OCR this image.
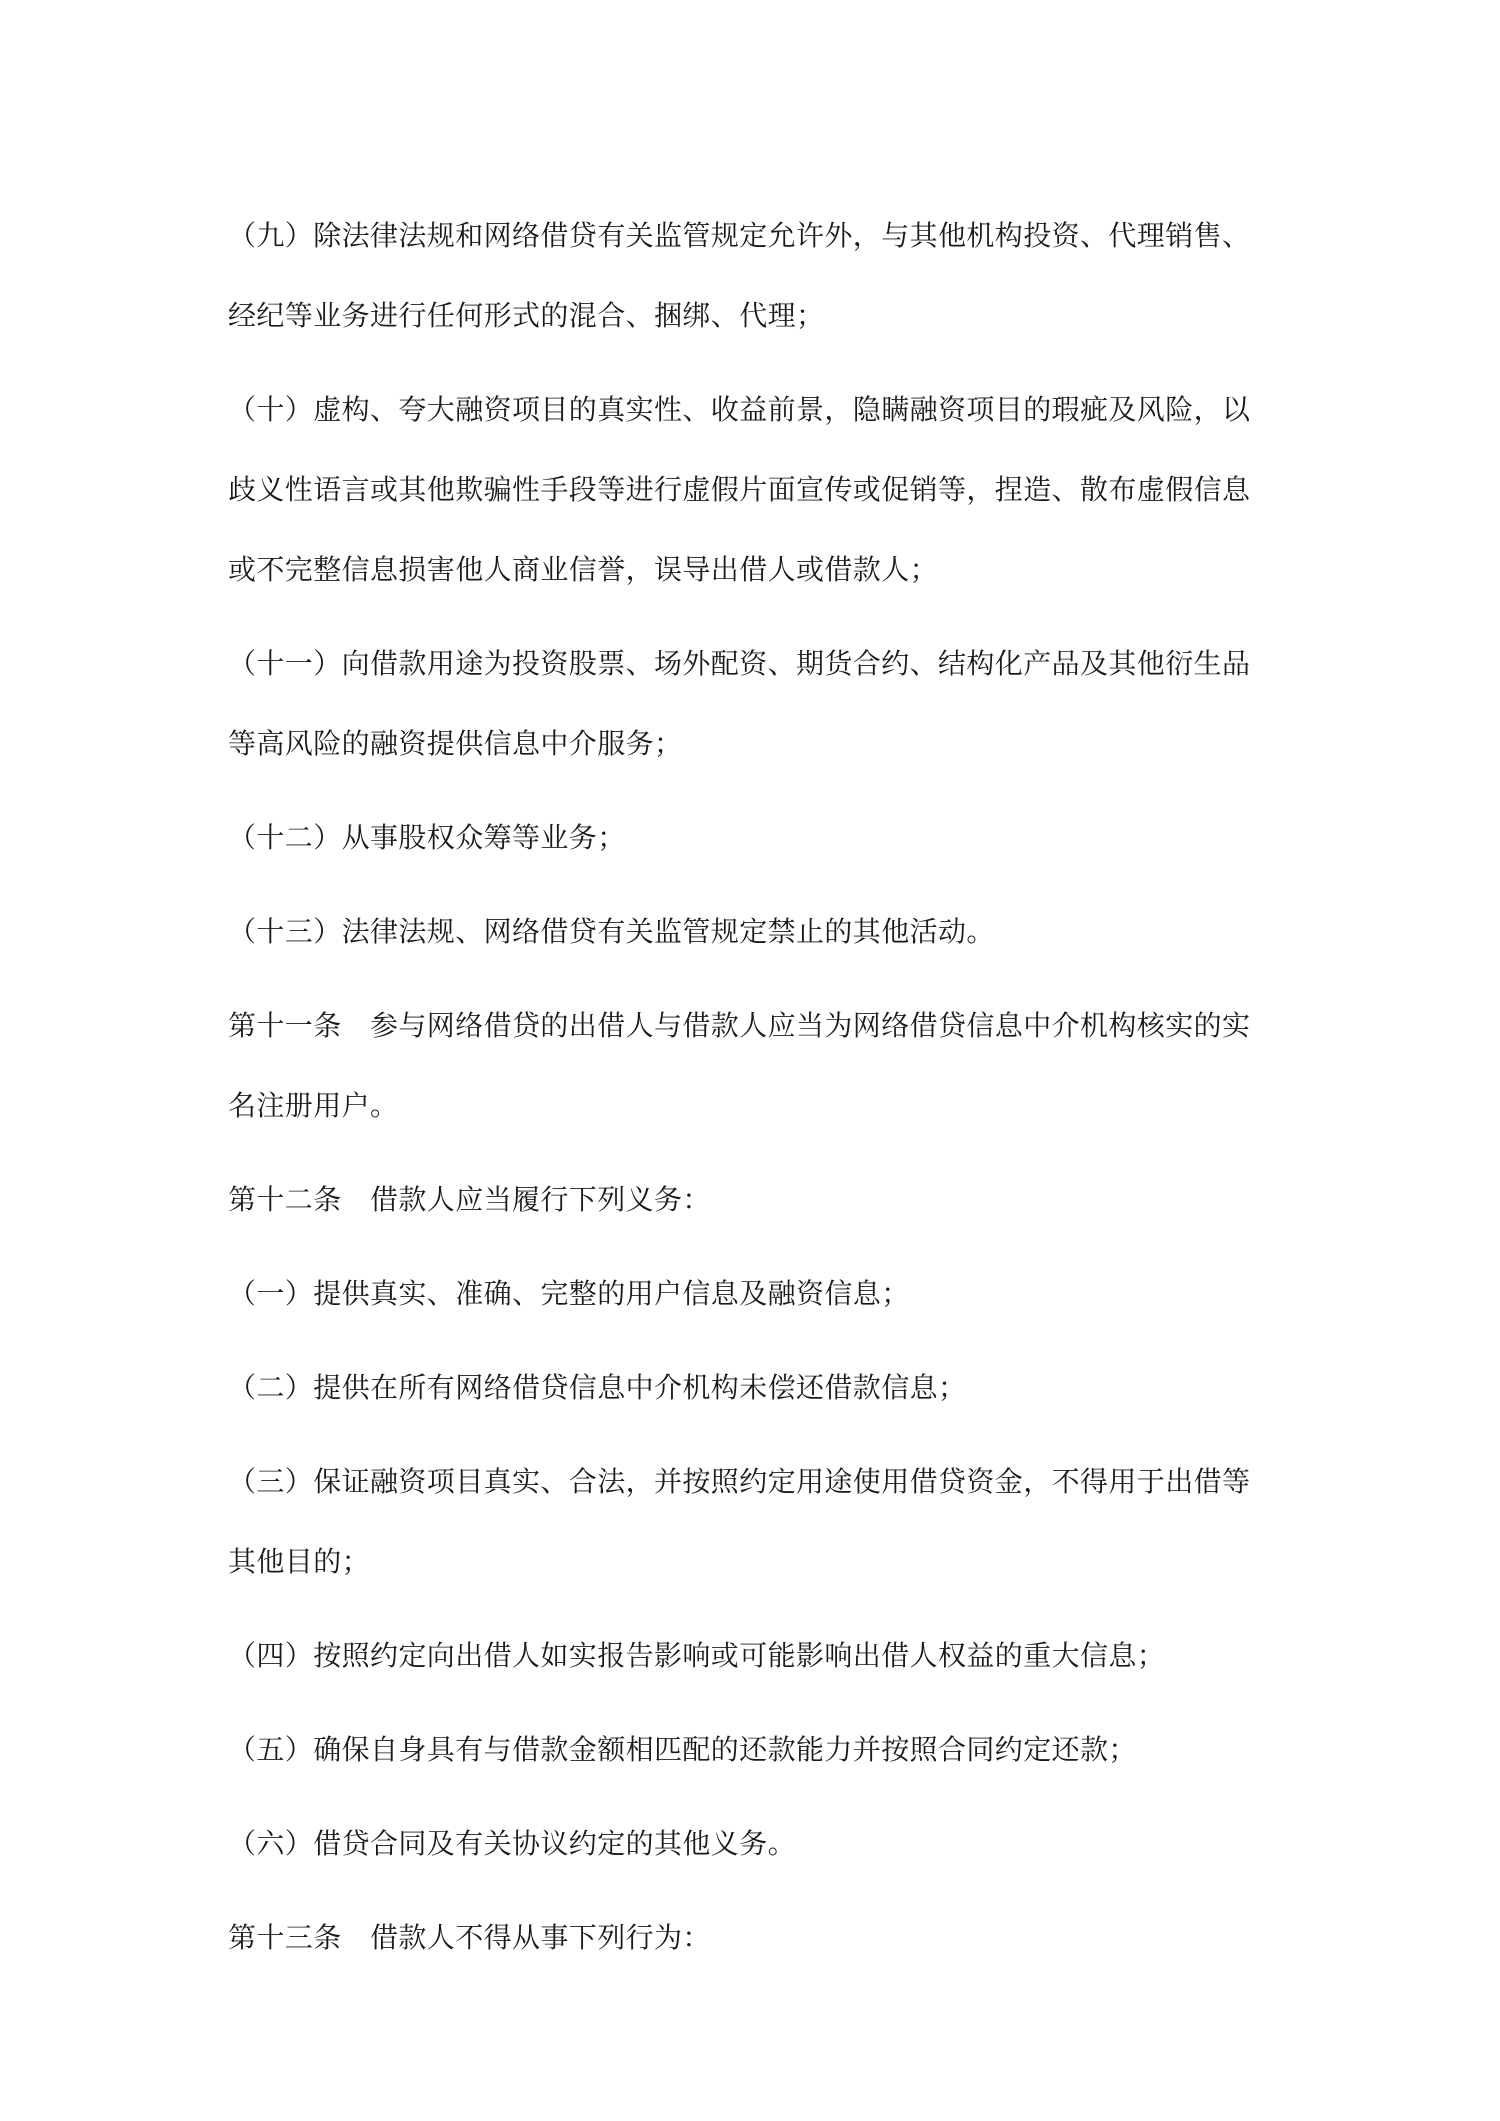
（九）除法律法规和网络借贷有关监管规定允许外，与其他机构投资、代理销售、经纪等业务进行任何形式的混合、捆绑、代理；

（十）虚构、夸大融资项目的真实性、收益前景，隐瞒融资项目的瑕疵及风险，以歧义性语言或其他欺骗性手段等进行虚假片面宣传或促销等，捏造、散布虚假信息或不完整信息损害他人商业信誉，误导出借人或借款人；

（十一）向借款用途为投资股票、场外配资、期货合约、结构化产品及其他衍生品等高风险的融资提供信息中介服务；

（十二）从事股权众筹等业务；

（十三）法律法规、网络借贷有关监管规定禁止的其他活动。

第十一条　参与网络借贷的出借人与借款人应当为网络借贷信息中介机构核实的实名注册用户。

第十二条　借款人应当履行下列义务：

（一）提供真实、准确、完整的用户信息及融资信息；

（二）提供在所有网络借贷信息中介机构未偿还借款信息；

（三）保证融资项目真实、合法，并按照约定用途使用借贷资金，不得用于出借等其他目的；

（四）按照约定向出借人如实报告影响或可能影响出借人权益的重大信息；

（五）确保自身具有与借款金额相匹配的还款能力并按照合同约定还款；

（六）借贷合同及有关协议约定的其他义务。

第十三条　借款人不得从事下列行为：
